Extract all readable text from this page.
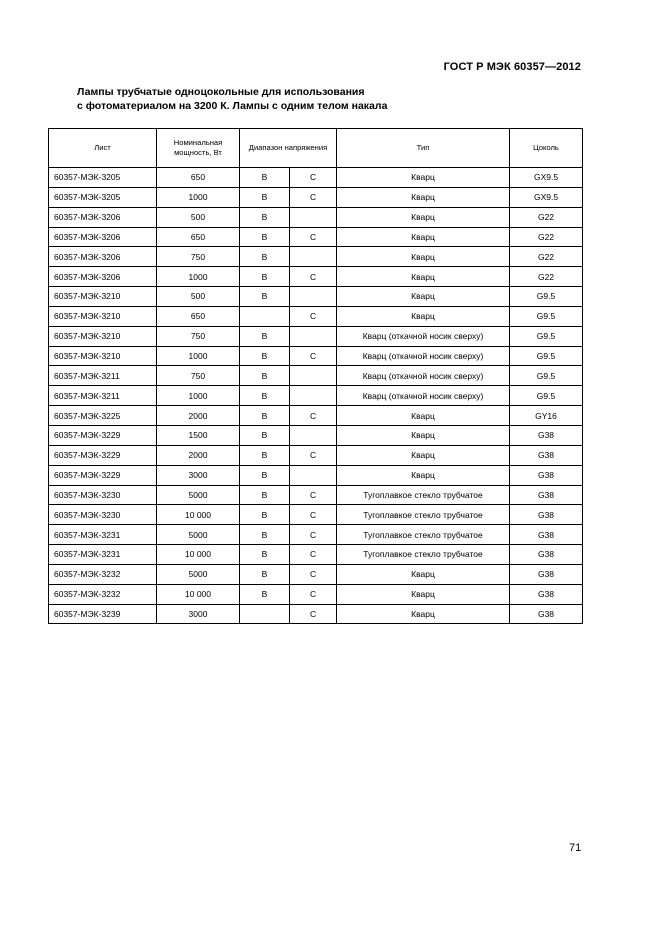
ГОСТ Р МЭК 60357—2012
Лампы трубчатые одноцокольные для использования
с фотоматериалом на 3200 К. Лампы с одним телом накала
Лист	Номинальная мощность, Вт	Диапазон напряжения		Тип	Цоколь
60357-МЭК-3205	650	B	C	Кварц	GX9.5
60357-МЭК-3205	1000	B	C	Кварц	GX9.5
60357-МЭК-3206	500	B		Кварц	G22
60357-МЭК-3206	650	B	C	Кварц	G22
60357-МЭК-3206	750	B		Кварц	G22
60357-МЭК-3206	1000	B	C	Кварц	G22
60357-МЭК-3210	500	B		Кварц	G9.5
60357-МЭК-3210	650		C	Кварц	G9.5
60357-МЭК-3210	750	B		Кварц (откачной носик сверху)	G9.5
60357-МЭК-3210	1000	B	C	Кварц (откачной носик сверху)	G9.5
60357-МЭК-3211	750	B		Кварц (откачной носик сверху)	G9.5
60357-МЭК-3211	1000	B		Кварц (откачной носик сверху)	G9.5
60357-МЭК-3225	2000	B	C	Кварц	GY16
60357-МЭК-3229	1500	B		Кварц	G38
60357-МЭК-3229	2000	B	C	Кварц	G38
60357-МЭК-3229	3000	B		Кварц	G38
60357-МЭК-3230	5000	B	C	Тугоплавкое стекло трубчатое	G38
60357-МЭК-3230	10 000	B	C	Тугоплавкое стекло трубчатое	G38
60357-МЭК-3231	5000	B	C	Тугоплавкое стекло трубчатое	G38
60357-МЭК-3231	10 000	B	C	Тугоплавкое стекло трубчатое	G38
60357-МЭК-3232	5000	B	C	Кварц	G38
60357-МЭК-3232	10 000	B	C	Кварц	G38
60357-МЭК-3239	3000		C	Кварц	G38
71
